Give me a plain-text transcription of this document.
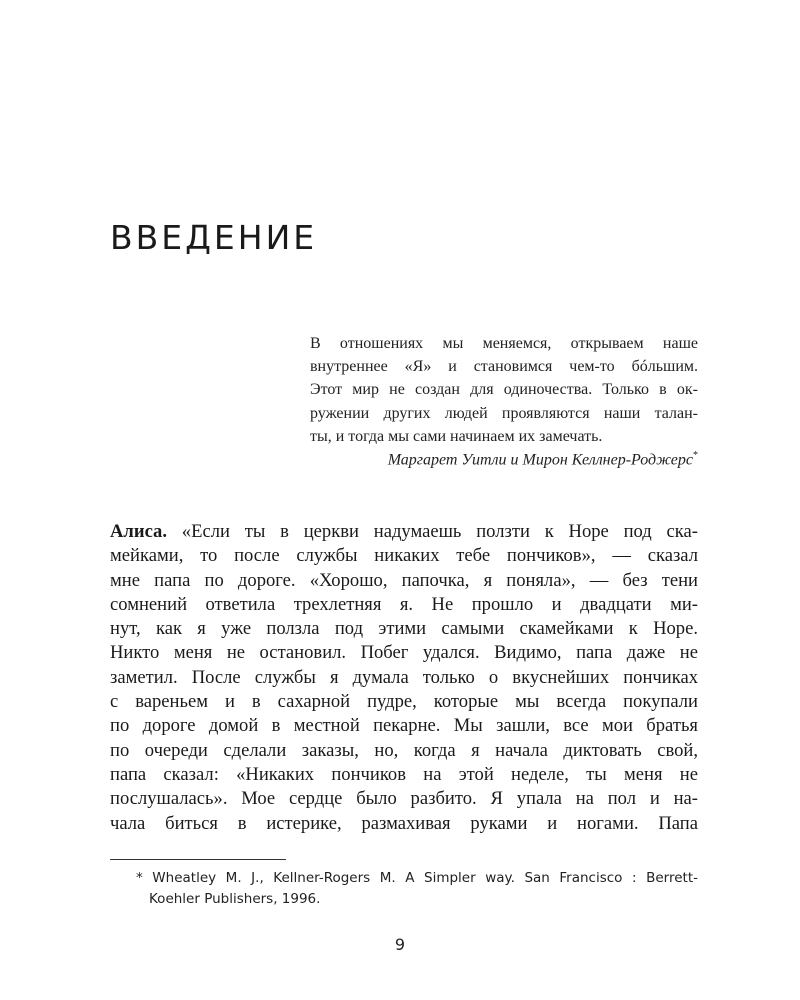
ВВЕДЕНИЕ
В отношениях мы меняемся, открываем наше
внутреннее «Я» и становимся чем-то бóльшим.
Этот мир не создан для одиночества. Только в ок-
ружении других людей проявляются наши талан-
ты, и тогда мы сами начинаем их замечать.
Маргарет Уитли и Мирон Келлнер-Роджерс*
Алиса. «Если ты в церкви надумаешь ползти к Норе под ска-
мейками, то после службы никаких тебе пончиков», — сказал
мне папа по дороге. «Хорошо, папочка, я поняла», — без тени
сомнений ответила трехлетняя я. Не прошло и двадцати ми-
нут, как я уже ползла под этими самыми скамейками к Норе.
Никто меня не остановил. Побег удался. Видимо, папа даже не
заметил. После службы я думала только о вкуснейших пончиках
с вареньем и в сахарной пудре, которые мы всегда покупали
по дороге домой в местной пекарне. Мы зашли, все мои братья
по очереди сделали заказы, но, когда я начала диктовать свой,
папа сказал: «Никаких пончиков на этой неделе, ты меня не
послушалась». Мое сердце было разбито. Я упала на пол и на-
чала биться в истерике, размахивая руками и ногами. Папа
* Wheatley M. J., Kellner-Rogers M. A Simpler way. San Francisco : Berrett-
Koehler Publishers, 1996.
9
